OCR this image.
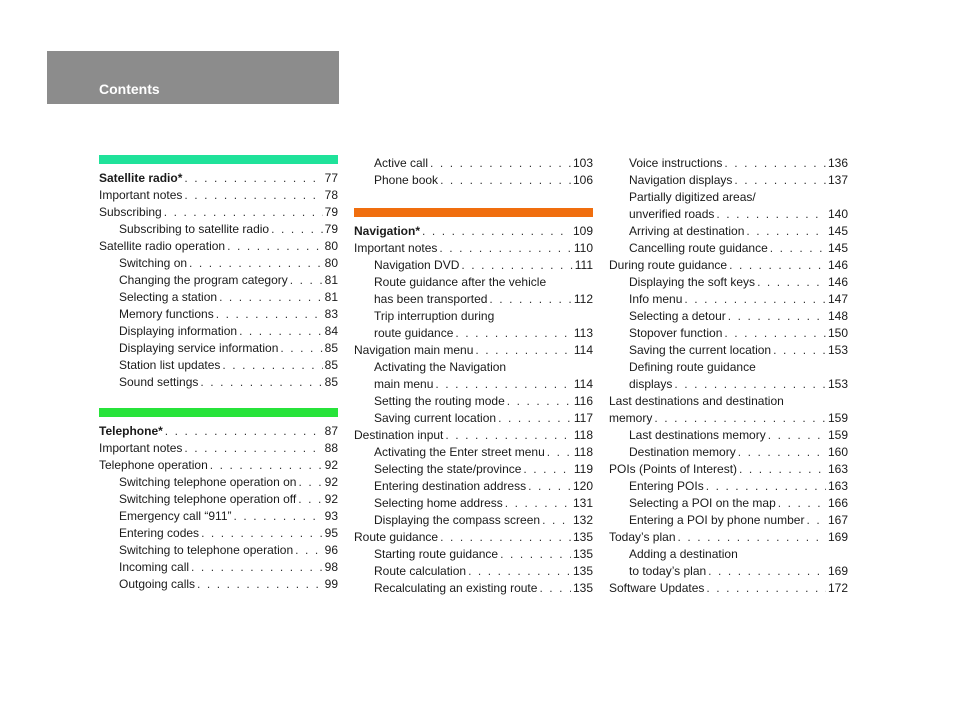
Contents
Satellite radio* . . .	77
Important notes . . .	78
Subscribing . . .	79
Subscribing to satellite radio . . .	79
Satellite radio operation . . .	80
Switching on . . .	80
Changing the program category . . .	81
Selecting a station . . .	81
Memory functions . . .	83
Displaying information . . .	84
Displaying service information . . .	85
Station list updates . . .	85
Sound settings . . .	85
Telephone* . . .	87
Important notes . . .	88
Telephone operation . . .	92
Switching telephone operation on . . . 92
Switching telephone operation off . . . 92
Emergency call “911” . . .	93
Entering codes . . .	95
Switching to telephone operation . . .	96
Incoming call . . .	98
Outgoing calls . . .	99
Active call . . .	103
Phone book . . .	106
Navigation* . . .	109
Important notes . . .	110
Navigation DVD . . .	111
Route guidance after the vehicle
has been transported . . .	112
Trip interruption during
route guidance . . .	113
Navigation main menu . . .	114
Activating the Navigation
main menu . . .	114
Setting the routing mode . . .	116
Saving current location . . .	117
Destination input . . .	118
Activating the Enter street menu . . . 118
Selecting the state/province . . .	119
Entering destination address . . .	120
Selecting home address . . .	131
Displaying the compass screen . . .	132
Route guidance . . .	135
Starting route guidance . . .	135
Route calculation . . .	135
Recalculating an existing route . . .	135
Voice instructions . . .	136
Navigation displays . . .	137
Partially digitized areas/
unverified roads . . .	140
Arriving at destination . . .	145
Cancelling route guidance . . .	145
During route guidance . . .	146
Displaying the soft keys . . .	146
Info menu . . .	147
Selecting a detour . . .	148
Stopover function . . .	150
Saving the current location . . .	153
Defining route guidance
displays . . .	153
Last destinations and destination
memory . . .	159
Last destinations memory . . .	159
Destination memory . . .	160
POIs (Points of Interest) . . .	163
Entering POIs . . .	163
Selecting a POI on the map . . .	166
Entering a POI by phone number . . . 167
Today’s plan . . .	169
Adding a destination
to today’s plan . . .	169
Software Updates . . .	172
